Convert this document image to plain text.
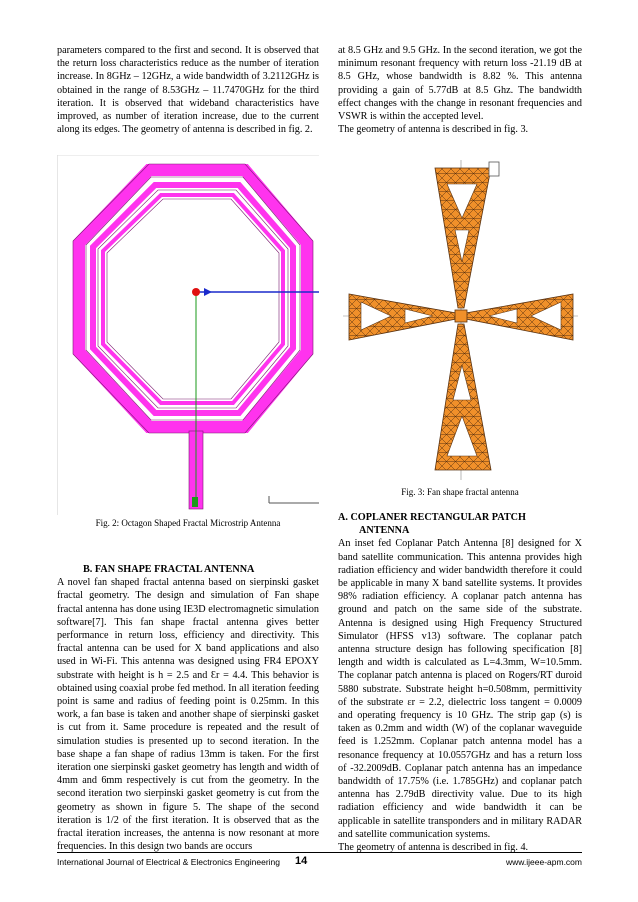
parameters compared to the first and second. It is observed that the return loss characteristics reduce as the number of iteration increase. In 8GHz – 12GHz, a wide bandwidth of 3.2112GHz is obtained in the range of 8.53GHz – 11.7470GHz for the third iteration. It is observed that wideband characteristics have improved, as number of iteration increase, due to the current along its edges. The geometry of antenna is described in fig. 2.

Fig. 2: Octagon Shaped Fractal Microstrip Antenna

B. FAN SHAPE FRACTAL ANTENNA

A novel fan shaped fractal antenna based on sierpinski gasket fractal geometry. The design and simulation of Fan shape fractal antenna has done using IE3D electromagnetic simulation software[7]. This fan shape fractal antenna gives better performance in return loss, efficiency and directivity. This fractal antenna can be used for X band applications and also used in Wi-Fi. This antenna was designed using FR4 EPOXY substrate with height is h = 2.5 and Ɛr = 4.4. This behavior is obtained using coaxial probe fed method. In all iteration feeding point is same and radius of feeding point is 0.25mm. In this work, a fan base is taken and another shape of sierpinski gasket is cut from it. Same procedure is repeated and the result of simulation studies is presented up to second iteration. In the base shape a fan shape of radius 13mm is taken. For the first iteration one sierpinski gasket geometry has length and width of 4mm and 6mm respectively is cut from the geometry. In the second iteration two sierpinski gasket geometry is cut from the geometry as shown in figure 5. The shape of the second iteration is 1/2 of the first iteration. It is observed that as the fractal iteration increases, the antenna is now resonant at more frequencies. In this design two bands are occurs

at 8.5 GHz and 9.5 GHz. In the second iteration, we got the minimum resonant frequency with return loss -21.19 dB at 8.5 GHz, whose bandwidth is 8.82 %. This antenna providing a gain of 5.77dB at 8.5 Ghz. The bandwidth effect changes with the change in resonant frequencies and VSWR is within the accepted level.

The geometry of antenna is described in fig. 3.

Fig. 3: Fan shape fractal antenna

A. COPLANER RECTANGULAR PATCH

ANTENNA

An inset fed Coplanar Patch Antenna [8] designed for X band satellite communication. This antenna provides high radiation efficiency and wider bandwidth therefore it could be applicable in many X band satellite systems. It provides 98% radiation efficiency. A coplanar patch antenna has ground and patch on the same side of the substrate. Antenna is designed using High Frequency Structured Simulator (HFSS v13) software. The coplanar patch antenna structure design has following specification [8] length and width is calculated as L=4.3mm, W=10.5mm. The coplanar patch antenna is placed on Rogers/RT duroid 5880 substrate. Substrate height h=0.508mm, permittivity of the substrate εr = 2.2, dielectric loss tangent = 0.0009 and operating frequency is 10 GHz. The strip gap (s) is taken as 0.2mm and width (W) of the coplanar waveguide feed is 1.252mm. Coplanar patch antenna model has a resonance frequency at 10.0557GHz and has a return loss of -32.2009dB. Coplanar patch antenna has an impedance bandwidth of 17.75% (i.e. 1.785GHz) and coplanar patch antenna has 2.79dB directivity value. Due to its high radiation efficiency and wide bandwidth it can be applicable in satellite transponders and in military RADAR and satellite communication systems.

The geometry of antenna is described in fig. 4.

International Journal of Electrical & Electronics Engineering 14	www.ijeee-apm.com
